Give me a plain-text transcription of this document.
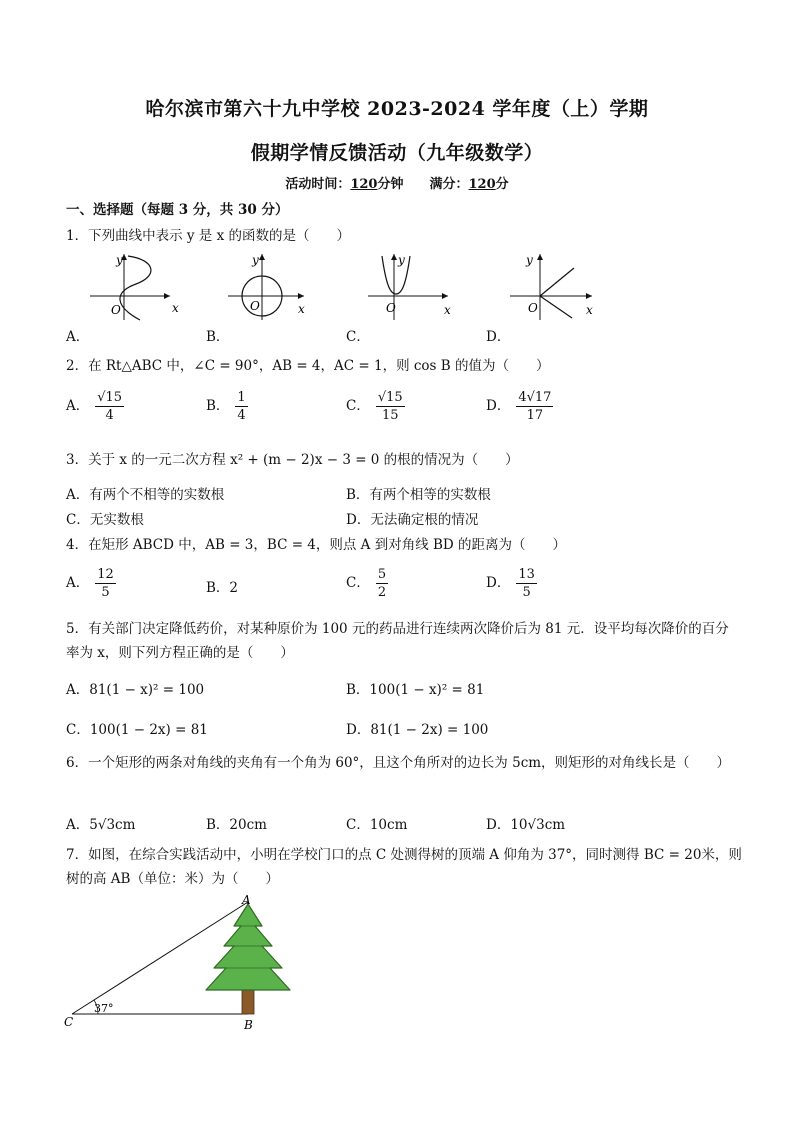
哈尔滨市第六十九中学校 2023-2024 学年度（上）学期
假期学情反馈活动（九年级数学）
活动时间：120分钟 满分：120分
一、选择题（每题 3 分，共 30 分）
1．下列曲线中表示 y 是 x 的函数的是（　　）
y
x
O
y
x
O
y
x
O
y
x
O
A．	B．	C．	D．
2．在 Rt△ABC 中，∠C = 90°，AB = 4，AC = 1，则 cos B 的值为（　　）
A． $\frac{√15}{4}$	B． $\frac{1}{4}$	C． $\frac{√15}{15}$	D． $\frac{4√17}{17}$
3．关于 x 的一元二次方程 x² + (m − 2)x − 3 = 0 的根的情况为（　　）
A．有两个不相等的实数根	B．有两个相等的实数根
C．无实数根	D．无法确定根的情况
4．在矩形 ABCD 中，AB = 3，BC = 4，则点 A 到对角线 BD 的距离为（　　）
A． $\frac{12}{5}$	B．2	C． $\frac{5}{2}$	D． $\frac{13}{5}$
5．有关部门决定降低药价，对某种原价为 100 元的药品进行连续两次降价后为 81 元．设平均每次降价的百分率为 x，则下列方程正确的是（　　）
A．81(1 − x)² = 100	B．100(1 − x)² = 81
C．100(1 − 2x) = 81	D．81(1 − 2x) = 100
6．一个矩形的两条对角线的夹角有一个角为 60°，且这个角所对的边长为 5cm，则矩形的对角线长是（　　）
A．5√3cm	B．20cm	C．10cm	D．10√3cm
7．如图，在综合实践活动中，小明在学校门口的点 C 处测得树的顶端 A 仰角为 37°，同时测得 BC = 20米，则树的高 AB（单位：米）为（　　）
A
B
C
37°
